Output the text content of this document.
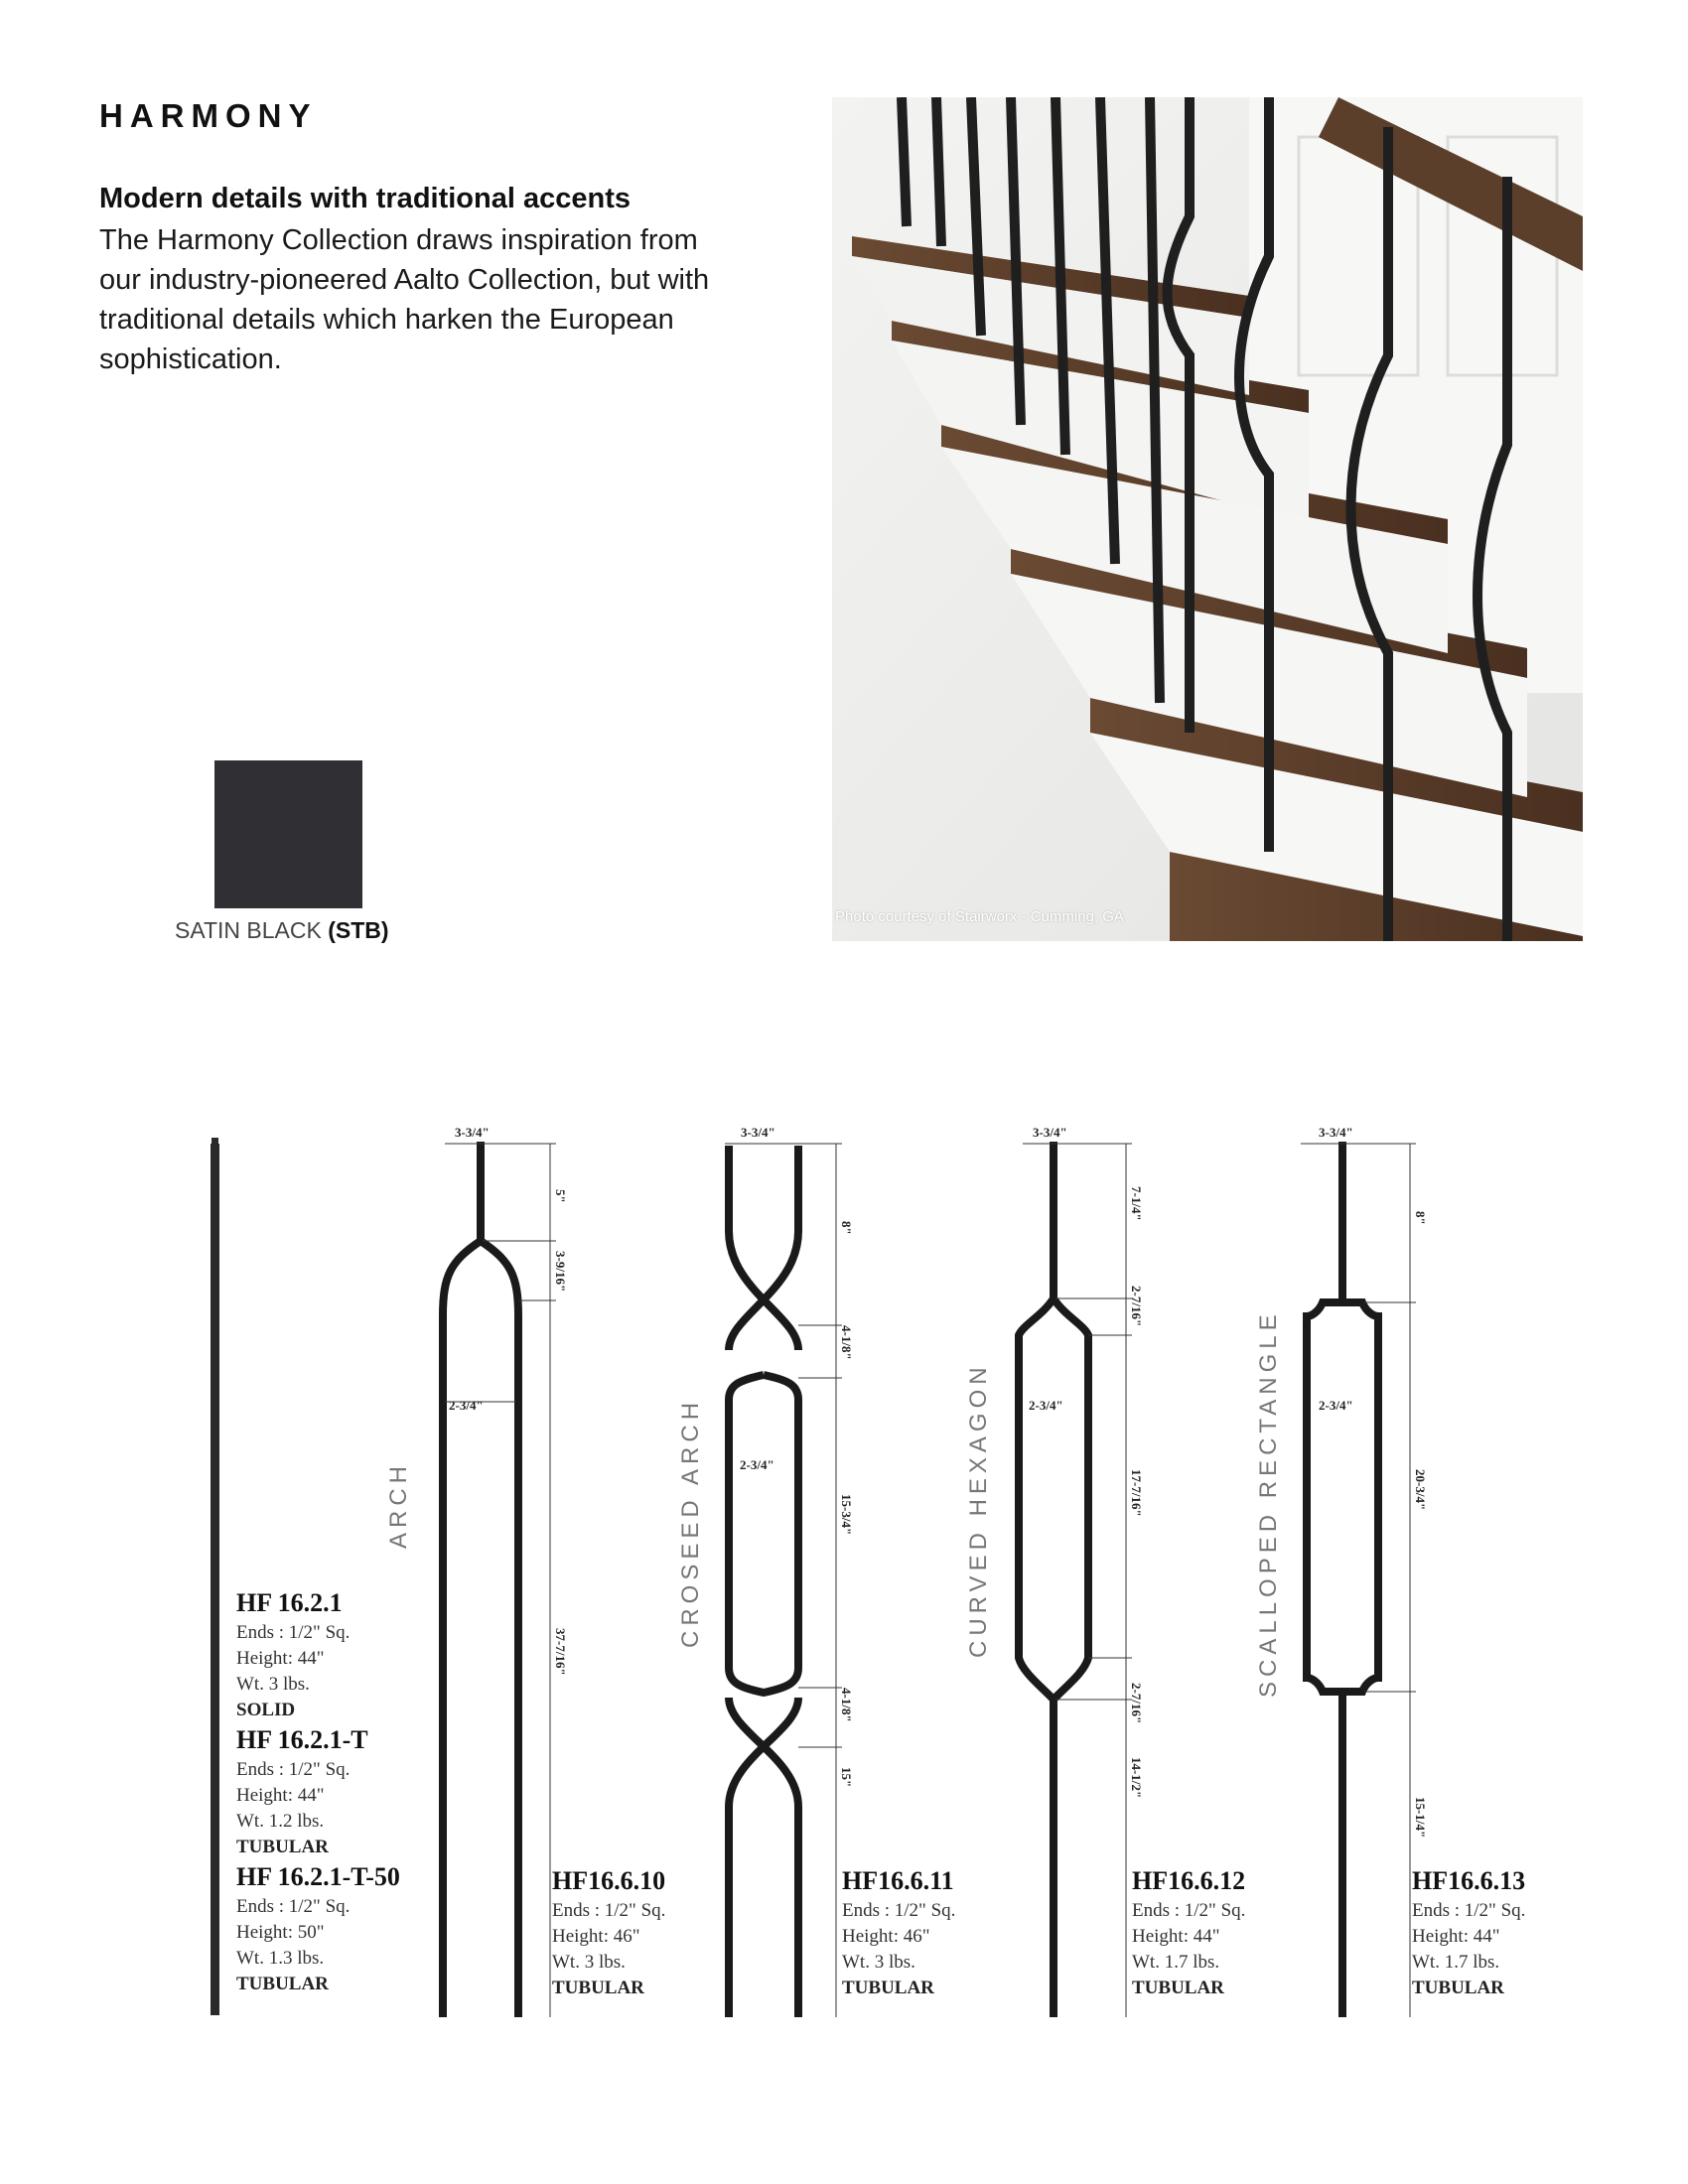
HARMONY
Modern details with traditional accents
The Harmony Collection draws inspiration from our industry-pioneered Aalto Collection, but with traditional details which harken the European sophistication.
SATIN BLACK (STB)
Photo courtesy of Stairworx - Cumming, GA
3-3/4"
2-3/4"
5"
3-9/16"
37-7/16"
3-3/4"
2-3/4"
8"
4-1/8"
15-3/4"
4-1/8"
15"
3-3/4"
2-3/4"
7-1/4"
2-7/16"
17-7/16"
2-7/16"
14-1/2"
3-3/4"
2-3/4"
8"
20-3/4"
15-1/4"
ARCH	CROSEED ARCH	CURVED HEXAGON	SCALLOPED RECTANGLE
HF 16.2.1
Ends : 1/2" Sq.
Height: 44"
Wt. 3 lbs.
SOLID
HF 16.2.1-T
Ends : 1/2" Sq.
Height: 44"
Wt. 1.2 lbs.
TUBULAR
HF 16.2.1-T-50
Ends : 1/2" Sq.
Height: 50"
Wt. 1.3 lbs.
TUBULAR
HF16.6.10
Ends : 1/2" Sq.
Height: 46"
Wt. 3 lbs.
TUBULAR
HF16.6.11
Ends : 1/2" Sq.
Height: 46"
Wt. 3 lbs.
TUBULAR
HF16.6.12
Ends : 1/2" Sq.
Height: 44"
Wt. 1.7 lbs.
TUBULAR
HF16.6.13
Ends : 1/2" Sq.
Height: 44"
Wt. 1.7 lbs.
TUBULAR
